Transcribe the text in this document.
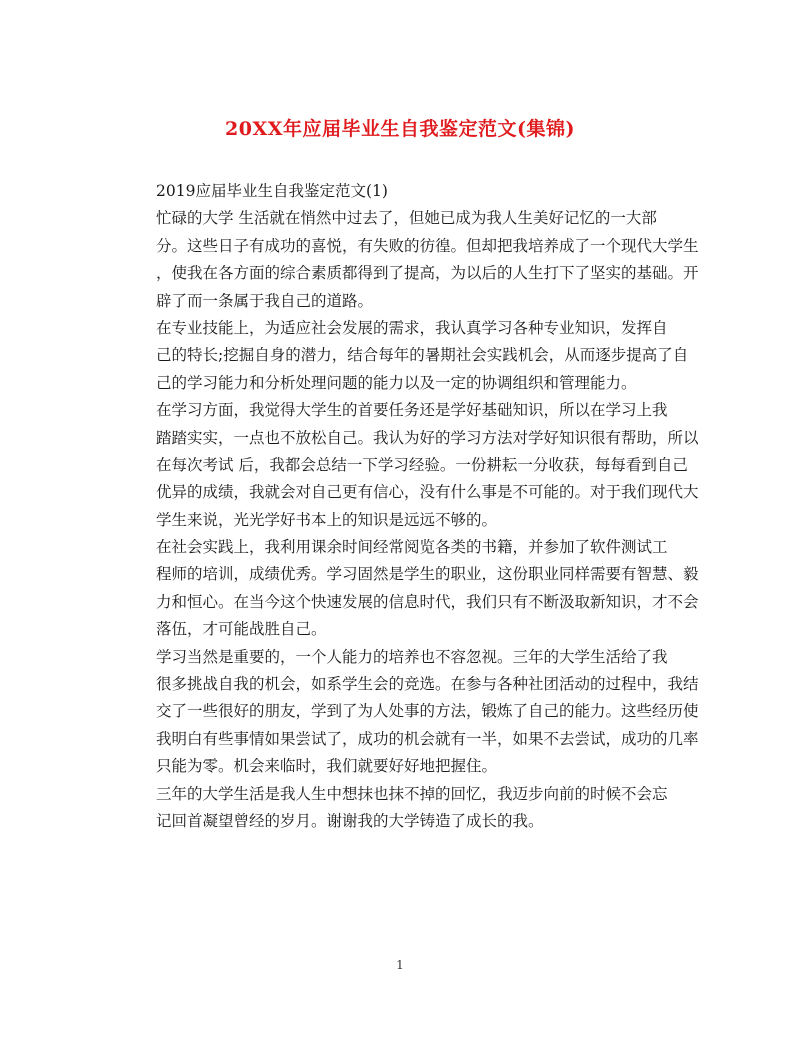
20XX年应届毕业生自我鉴定范文(集锦)

2019应届毕业生自我鉴定范文(1)

忙碌的大学 生活就在悄然中过去了，但她已成为我人生美好记忆的一大部
分。这些日子有成功的喜悦，有失败的彷徨。但却把我培养成了一个现代大学生
，使我在各方面的综合素质都得到了提高，为以后的人生打下了坚实的基础。开
辟了而一条属于我自己的道路。

在专业技能上，为适应社会发展的需求，我认真学习各种专业知识，发挥自
己的特长;挖掘自身的潜力，结合每年的暑期社会实践机会，从而逐步提高了自
己的学习能力和分析处理问题的能力以及一定的协调组织和管理能力。

在学习方面，我觉得大学生的首要任务还是学好基础知识，所以在学习上我
踏踏实实，一点也不放松自己。我认为好的学习方法对学好知识很有帮助，所以
在每次考试 后，我都会总结一下学习经验。一份耕耘一分收获，每每看到自己
优异的成绩，我就会对自己更有信心，没有什么事是不可能的。对于我们现代大
学生来说，光光学好书本上的知识是远远不够的。

在社会实践上，我利用课余时间经常阅览各类的书籍，并参加了软件测试工
程师的培训，成绩优秀。学习固然是学生的职业，这份职业同样需要有智慧、毅
力和恒心。在当今这个快速发展的信息时代，我们只有不断汲取新知识，才不会
落伍，才可能战胜自己。

学习当然是重要的，一个人能力的培养也不容忽视。三年的大学生活给了我
很多挑战自我的机会，如系学生会的竞选。在参与各种社团活动的过程中，我结
交了一些很好的朋友，学到了为人处事的方法，锻炼了自己的能力。这些经历使
我明白有些事情如果尝试了，成功的机会就有一半，如果不去尝试，成功的几率
只能为零。机会来临时，我们就要好好地把握住。

三年的大学生活是我人生中想抹也抹不掉的回忆，我迈步向前的时候不会忘
记回首凝望曾经的岁月。谢谢我的大学铸造了成长的我。

1
